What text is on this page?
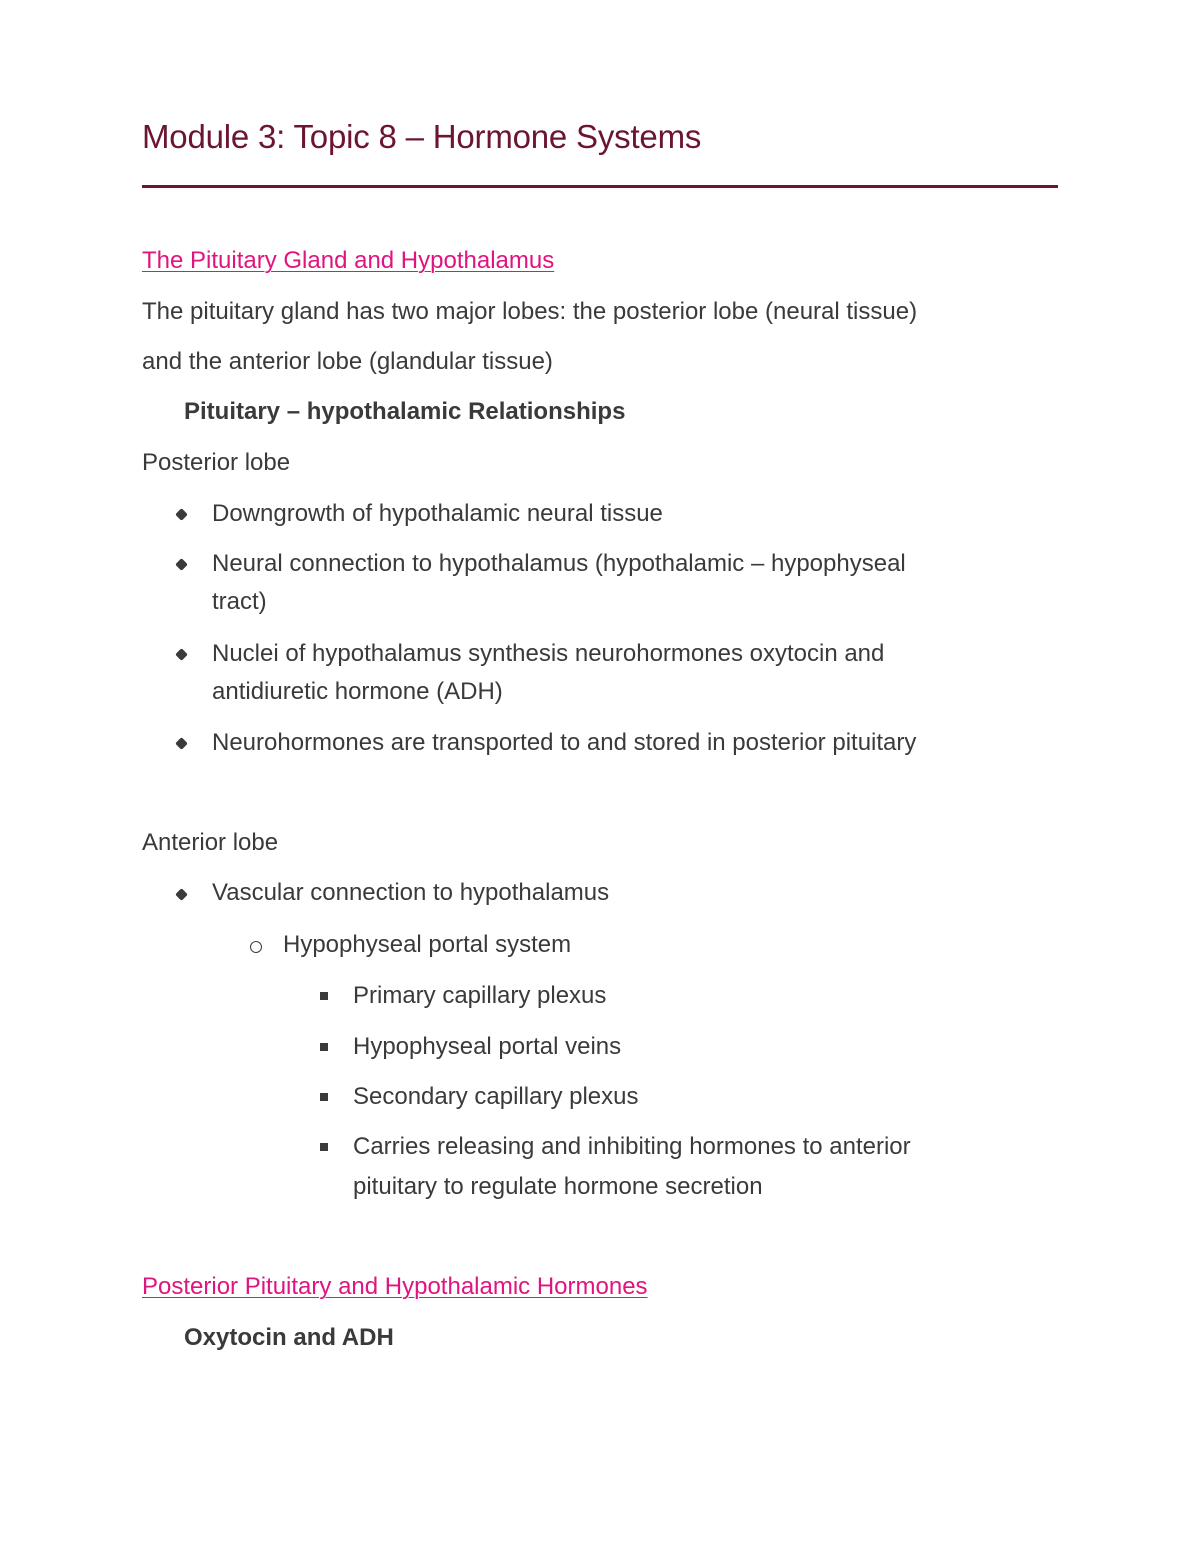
Module 3: Topic 8 – Hormone Systems
The Pituitary Gland and Hypothalamus
The pituitary gland has two major lobes: the posterior lobe (neural tissue)
and the anterior lobe (glandular tissue)
Pituitary – hypothalamic Relationships
Posterior lobe
Downgrowth of hypothalamic neural tissue
Neural connection to hypothalamus (hypothalamic – hypophyseal
tract)
Nuclei of hypothalamus synthesis neurohormones oxytocin and
antidiuretic hormone (ADH)
Neurohormones are transported to and stored in posterior pituitary
Anterior lobe
Vascular connection to hypothalamus
Hypophyseal portal system
Primary capillary plexus
Hypophyseal portal veins
Secondary capillary plexus
Carries releasing and inhibiting hormones to anterior
pituitary to regulate hormone secretion
Posterior Pituitary and Hypothalamic Hormones
Oxytocin and ADH
